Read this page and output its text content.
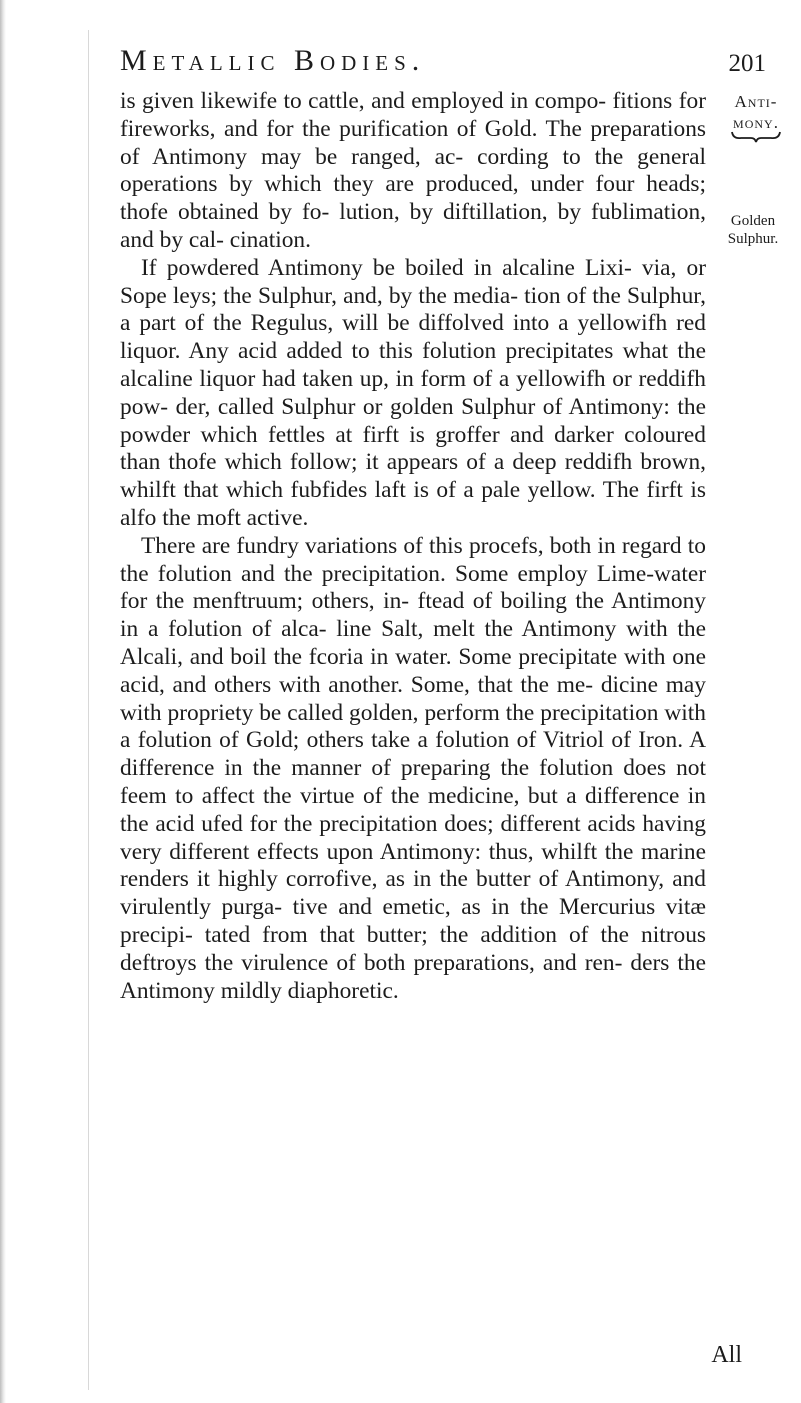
Metallic Bodies.	201
Anti-
mony.
Golden
Sulphur.

is given likewife to cattle, and employed in compo- fitions for fireworks, and for the purification of Gold. The preparations of Antimony may be ranged, ac- cording to the general operations by which they are produced, under four heads; thofe obtained by fo- lution, by diftillation, by fublimation, and by cal- cination.

If powdered Antimony be boiled in alcaline Lixi- via, or Sope leys; the Sulphur, and, by the media- tion of the Sulphur, a part of the Regulus, will be diffolved into a yellowifh red liquor. Any acid added to this folution precipitates what the alcaline liquor had taken up, in form of a yellowifh or reddifh pow- der, called Sulphur or golden Sulphur of Antimony: the powder which fettles at firft is groffer and darker coloured than thofe which follow; it appears of a deep reddifh brown, whilft that which fubfides laft is of a pale yellow. The firft is alfo the moft active.

There are fundry variations of this procefs, both in regard to the folution and the precipitation. Some employ Lime-water for the menftruum; others, in- ftead of boiling the Antimony in a folution of alca- line Salt, melt the Antimony with the Alcali, and boil the fcoria in water. Some precipitate with one acid, and others with another. Some, that the me- dicine may with propriety be called golden, perform the precipitation with a folution of Gold; others take a folution of Vitriol of Iron. A difference in the manner of preparing the folution does not feem to affect the virtue of the medicine, but a difference in the acid ufed for the precipitation does; different acids having very different effects upon Antimony: thus, whilft the marine renders it highly corrofive, as in the butter of Antimony, and virulently purga- tive and emetic, as in the Mercurius vitæ precipi- tated from that butter; the addition of the nitrous deftroys the virulence of both preparations, and ren- ders the Antimony mildly diaphoretic.

All
